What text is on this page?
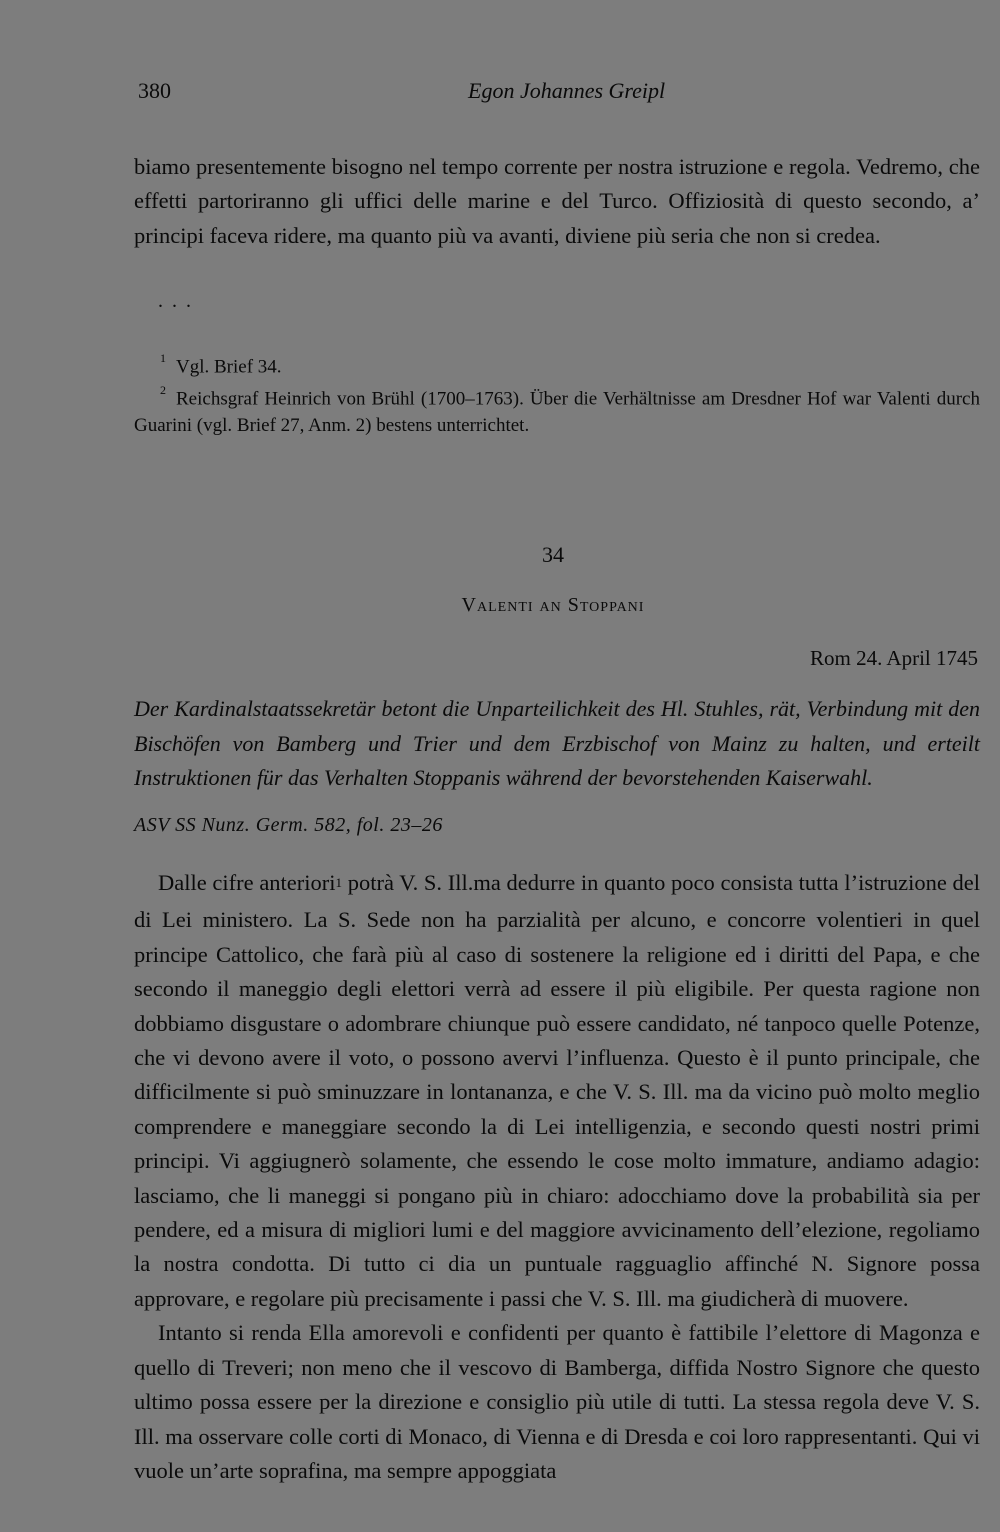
380	Egon Johannes Greipl
biamo presentemente bisogno nel tempo corrente per nostra istruzione e regola. Vedremo, che effetti partoriranno gli uffici delle marine e del Turco. Offiziosità di questo secondo, a’ principi faceva ridere, ma quanto più va avanti, diviene più seria che non si credea.
. . .

$^1$ Vgl. Brief 34.

$^2$ Reichsgraf Heinrich von Brühl (1700–1763). Über die Verhältnisse am Dresdner Hof war Valenti durch Guarini (vgl. Brief 27, Anm. 2) bestens unterrichtet.

34
Valenti an Stoppani
Rom 24. April 1745
Der Kardinalstaatssekretär betont die Unparteilichkeit des Hl. Stuhles, rät, Verbindung mit den Bischöfen von Bamberg und Trier und dem Erzbischof von Mainz zu halten, und erteilt Instruktionen für das Verhalten Stoppanis während der bevorstehenden Kaiserwahl.
ASV SS Nunz. Germ. 582, fol. 23–26

Dalle cifre anteriori$^1$ potrà V. S. Ill.ma dedurre in quanto poco consista tutta l’istruzione del di Lei ministero. La S. Sede non ha parzialità per alcuno, e concorre volentieri in quel principe Cattolico, che farà più al caso di sostenere la religione ed i diritti del Papa, e che secondo il maneggio degli elettori verrà ad essere il più eligibile. Per questa ragione non dobbiamo disgustare o adombrare chiunque può essere candidato, né tanpoco quelle Potenze, che vi devono avere il voto, o possono avervi l’influenza. Questo è il punto principale, che difficilmente si può sminuzzare in lontananza, e che V. S. Ill. ma da vicino può molto meglio comprendere e maneggiare secondo la di Lei intelligenzia, e secondo questi nostri primi principi. Vi aggiugnerò solamente, che essendo le cose molto immature, andiamo adagio: lasciamo, che li maneggi si pongano più in chiaro: adocchiamo dove la probabilità sia per pendere, ed a misura di migliori lumi e del maggiore avvicinamento dell’elezione, regoliamo la nostra condotta. Di tutto ci dia un puntuale ragguaglio affinché N. Signore possa approvare, e regolare più precisamente i passi che V. S. Ill. ma giudicherà di muovere.

Intanto si renda Ella amorevoli e confidenti per quanto è fattibile l’elettore di Magonza e quello di Treveri; non meno che il vescovo di Bamberga, diffida Nostro Signore che questo ultimo possa essere per la direzione e consiglio più utile di tutti. La stessa regola deve V. S. Ill. ma osservare colle corti di Monaco, di Vienna e di Dresda e coi loro rappresentanti. Qui vi vuole un’arte soprafina, ma sempre appoggiata
